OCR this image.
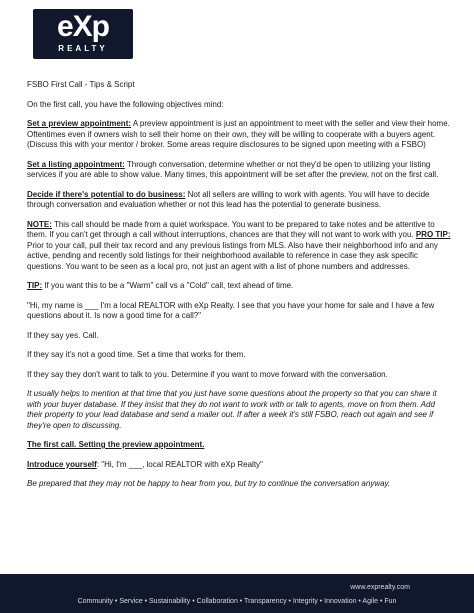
eXp
REALTY

FSBO First Call - Tips & Script

On the first call, you have the following objectives mind:

Set a preview appointment: A preview appointment is just an appointment to meet with the seller and view their home. Oftentimes even if owners wish to sell their home on their own, they will be willing to cooperate with a buyers agent. (Discuss this with your mentor / broker. Some areas require disclosures to be signed upon meeting with a FSBO)

Set a listing appointment: Through conversation, determine whether or not they'd be open to utilizing your listing services if you are able to show value. Many times, this appointment will be set after the preview, not on the first call.

Decide if there's potential to do business: Not all sellers are willing to work with agents. You will have to decide through conversation and evaluation whether or not this lead has the potential to generate business.

NOTE: This call should be made from a quiet workspace. You want to be prepared to take notes and be attentive to them. If you can't get through a call without interruptions, chances are that they will not want to work with you. PRO TIP: Prior to your call, pull their tax record and any previous listings from MLS. Also have their neighborhood info and any active, pending and recently sold listings for their neighborhood available to reference in case they ask specific questions. You want to be seen as a local pro, not just an agent with a list of phone numbers and addresses.

TIP: If you want this to be a "Warm" call vs a "Cold" call, text ahead of time.

"Hi, my name is ___ I'm a local REALTOR with eXp Realty. I see that you have your home for sale and I have a few questions about it. Is now a good time for a call?"

If they say yes. Call.

If they say it's not a good time. Set a time that works for them.

If they say they don't want to talk to you. Determine if you want to move forward with the conversation.

It usually helps to mention at that time that you just have some questions about the property so that you can share it with your buyer database. If they insist that they do not want to work with or talk to agents, move on from them. Add their property to your lead database and send a mailer out. If after a week it's still FSBO, reach out again and see if they're open to discussing.

The first call. Setting the preview appointment.

Introduce yourself: "Hi, I'm ___, local REALTOR with eXp Realty"

Be prepared that they may not be happy to hear from you, but try to continue the conversation anyway.

www.exprealty.com
Community • Service • Sustainability • Collaboration • Transparency • Integrity • Innovation • Agile • Fun
